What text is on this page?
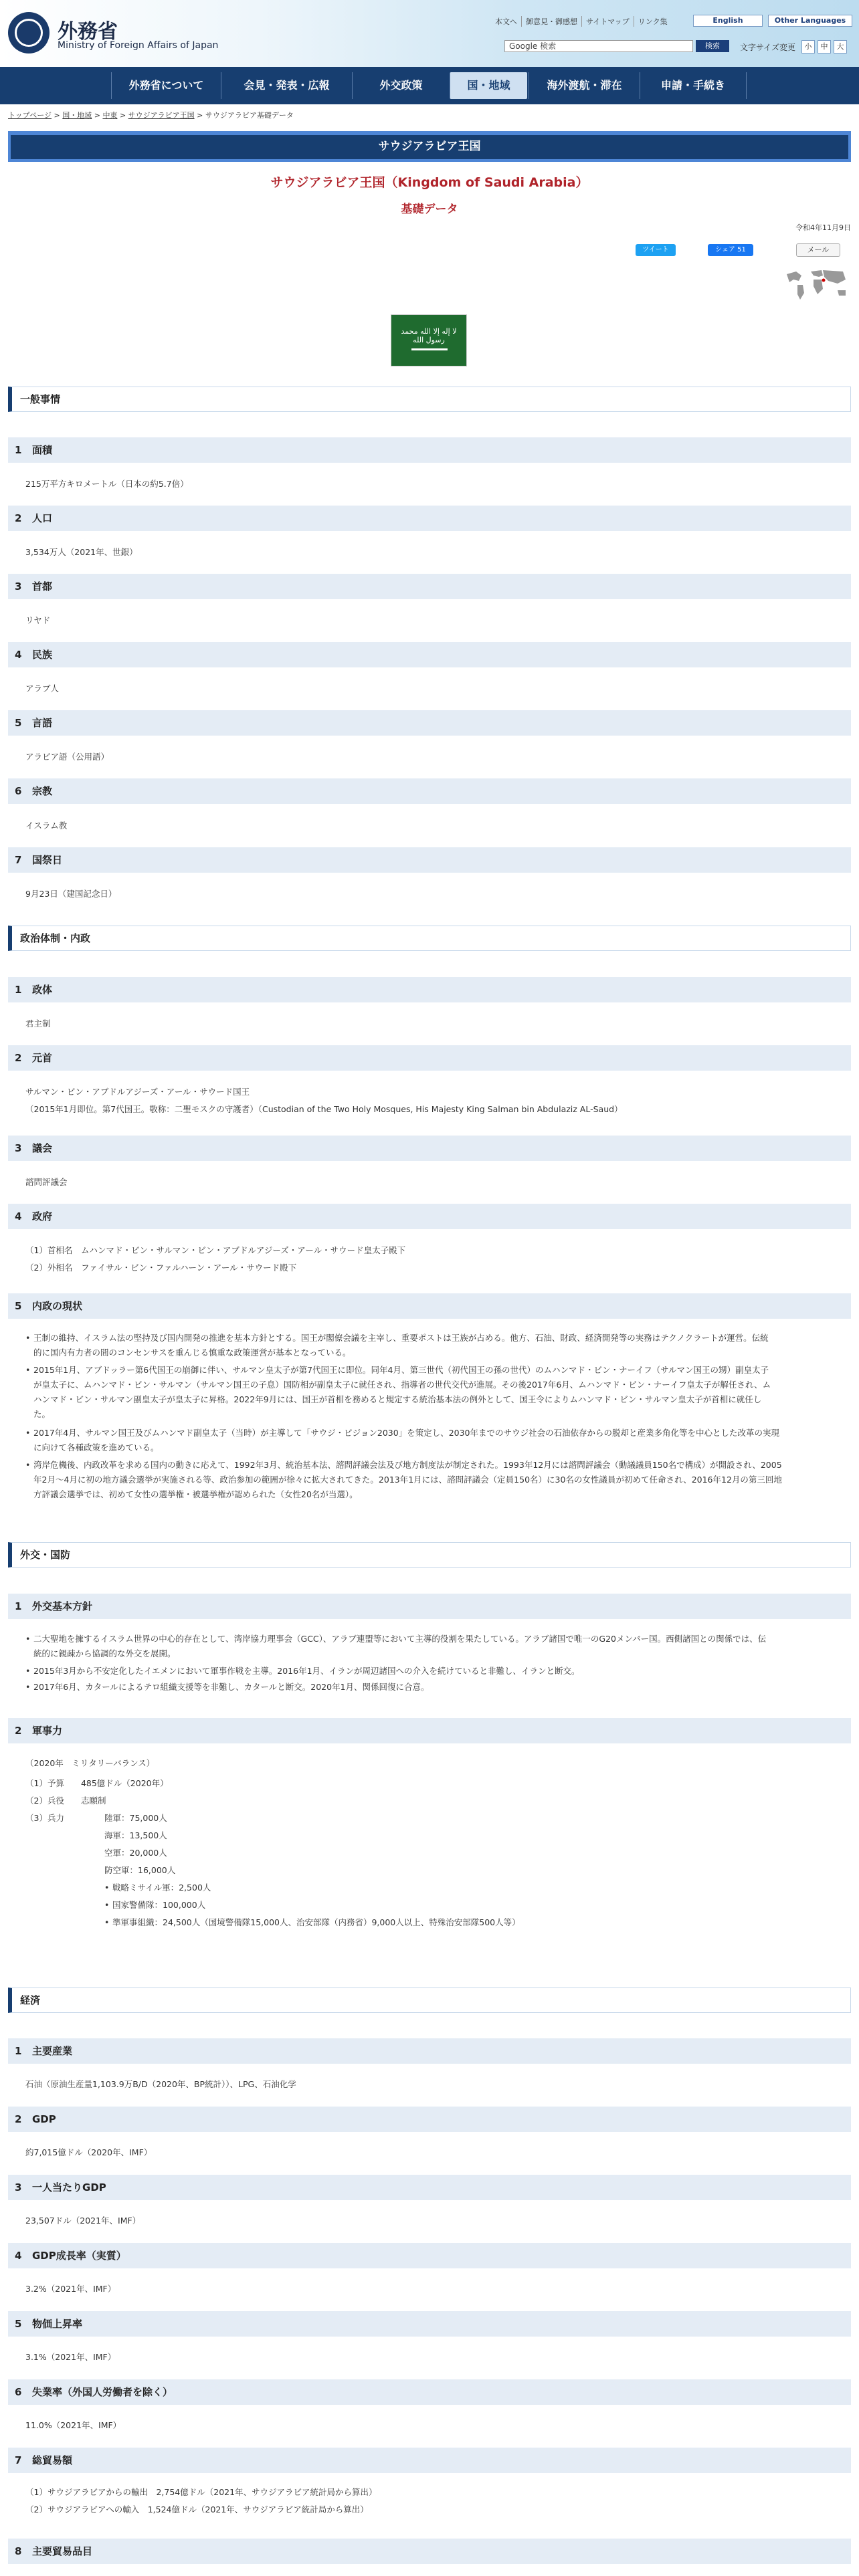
外務省
Ministry of Foreign Affairs of Japan
本文へ	御意見・御感想	サイトマップ	リンク集	English	Other Languages
Google 検索	検索	文字サイズ変更	小	中	大
外務省について	会見・発表・広報	外交政策	国・地域	海外渡航・滞在	申請・手続き
トップページ > 国・地域 > 中東 > サウジアラビア王国 > サウジアラビア基礎データ
サウジアラビア王国
サウジアラビア王国（Kingdom of Saudi Arabia）
基礎データ
令和4年11月9日
ツイート	シェア 51	メール
لا إله إلا الله محمد رسول الله
一般事情
1 面積
215万平方キロメートル（日本の約5.7倍）
2 人口
3,534万人（2021年、世銀）
3 首都
リヤド
4 民族
アラブ人
5 言語
アラビア語（公用語）
6 宗教
イスラム教
7 国祭日
9月23日（建国記念日）
政治体制・内政
1 政体
君主制
2 元首
サルマン・ビン・アブドルアジーズ・アール・サウード国王
（2015年1月即位。第7代国王。敬称：二聖モスクの守護者）（Custodian of the Two Holy Mosques, His Majesty King Salman bin Abdulaziz AL-Saud）
3 議会
諮問評議会
4 政府
（1）首相名　ムハンマド・ビン・サルマン・ビン・アブドルアジーズ・アール・サウード皇太子殿下
（2）外相名　ファイサル・ビン・ファルハーン・アール・サウード殿下
5 内政の現状
• 王制の維持、イスラム法の堅持及び国内開発の推進を基本方針とする。国王が閣僚会議を主宰し、重要ポストは王族が占める。他方、石油、財政、経済開発等の実務はテクノクラートが運営。伝統
的に国内有力者の間のコンセンサスを重んじる慎重な政策運営が基本となっている。
• 2015年1月、アブドッラー第6代国王の崩御に伴い、サルマン皇太子が第7代国王に即位。同年4月、第三世代（初代国王の孫の世代）のムハンマド・ビン・ナーイフ（サルマン国王の甥）副皇太子
が皇太子に、ムハンマド・ビン・サルマン（サルマン国王の子息）国防相が副皇太子に就任され、指導者の世代交代が進展。その後2017年6月、ムハンマド・ビン・ナーイフ皇太子が解任され、ム
ハンマド・ビン・サルマン副皇太子が皇太子に昇格。2022年9月には、国王が首相を務めると規定する統治基本法の例外として、国王令によりムハンマド・ビン・サルマン皇太子が首相に就任し
た。
• 2017年4月、サルマン国王及びムハンマド副皇太子（当時）が主導して「サウジ・ビジョン2030」を策定し、2030年までのサウジ社会の石油依存からの脱却と産業多角化等を中心とした改革の実現
に向けて各種政策を進めている。
• 湾岸危機後、内政改革を求める国内の動きに応えて、1992年3月、統治基本法、諮問評議会法及び地方制度法が制定された。1993年12月には諮問評議会（動議議員150名で構成）が開設され、2005
年2月～4月に初の地方議会選挙が実施される等、政治参加の範囲が徐々に拡大されてきた。2013年1月には、諮問評議会（定員150名）に30名の女性議員が初めて任命され、2016年12月の第三回地
方評議会選挙では、初めて女性の選挙権・被選挙権が認められた（女性20名が当選）。
外交・国防
1 外交基本方針
• 二大聖地を擁するイスラム世界の中心的存在として、湾岸協力理事会（GCC）、アラブ連盟等において主導的役割を果たしている。アラブ諸国で唯一のG20メンバー国。西側諸国との関係では、伝
統的に親疎から協調的な外交を展開。
• 2015年3月から不安定化したイエメンにおいて軍事作戦を主導。2016年1月、イランが周辺諸国への介入を続けていると非難し、イランと断交。
• 2017年6月、カタールによるテロ組織支援等を非難し、カタールと断交。2020年1月、関係回復に合意。
2 軍事力
（2020年　ミリタリーバランス）
（1）予算　　485億ドル（2020年）
（2）兵役　　志願制
（3）兵力	陸軍：75,000人
海軍：13,500人
空軍：20,000人
防空軍：16,000人
• 戦略ミサイル軍：2,500人
• 国家警備隊：100,000人
• 準軍事組織：24,500人（国境警備隊15,000人、治安部隊（内務省）9,000人以上、特殊治安部隊500人等）
経済
1 主要産業
石油（原油生産量1,103.9万B/D（2020年、BP統計））、LPG、石油化学
2 GDP
約7,015億ドル（2020年、IMF）
3 一人当たりGDP
23,507ドル（2021年、IMF）
4 GDP成長率（実質）
3.2%（2021年、IMF）
5 物価上昇率
3.1%（2021年、IMF）
6 失業率（外国人労働者を除く）
11.0%（2021年、IMF）
7 総貿易額
（1）サウジアラビアからの輸出　2,754億ドル（2021年、サウジアラビア統計局から算出）
（2）サウジアラビアへの輸入　1,524億ドル（2021年、サウジアラビア統計局から算出）
8 主要貿易品目
